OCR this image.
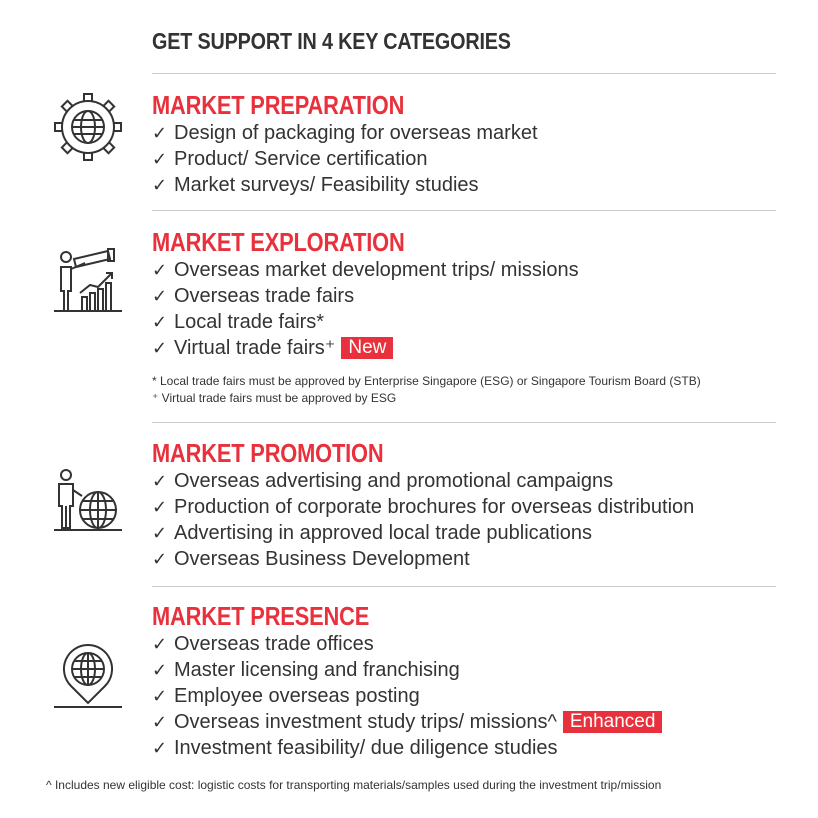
GET SUPPORT IN 4 KEY CATEGORIES
MARKET PREPARATION
✓ Design of packaging for overseas market
✓ Product/ Service certification
✓ Market surveys/ Feasibility studies
MARKET EXPLORATION
✓ Overseas market development trips/ missions
✓ Overseas trade fairs
✓ Local trade fairs*
✓ Virtual trade fairs⁺ New
* Local trade fairs must be approved by Enterprise Singapore (ESG) or Singapore Tourism Board (STB)
⁺ Virtual trade fairs must be approved by ESG
MARKET PROMOTION
✓ Overseas advertising and promotional campaigns
✓ Production of corporate brochures for overseas distribution
✓ Advertising in approved local trade publications
✓ Overseas Business Development
MARKET PRESENCE
✓ Overseas trade offices
✓ Master licensing and franchising
✓ Employee overseas posting
✓ Overseas investment study trips/ missions^ Enhanced
✓ Investment feasibility/ due diligence studies
^ Includes new eligible cost: logistic costs for transporting materials/samples used during the investment trip/mission
